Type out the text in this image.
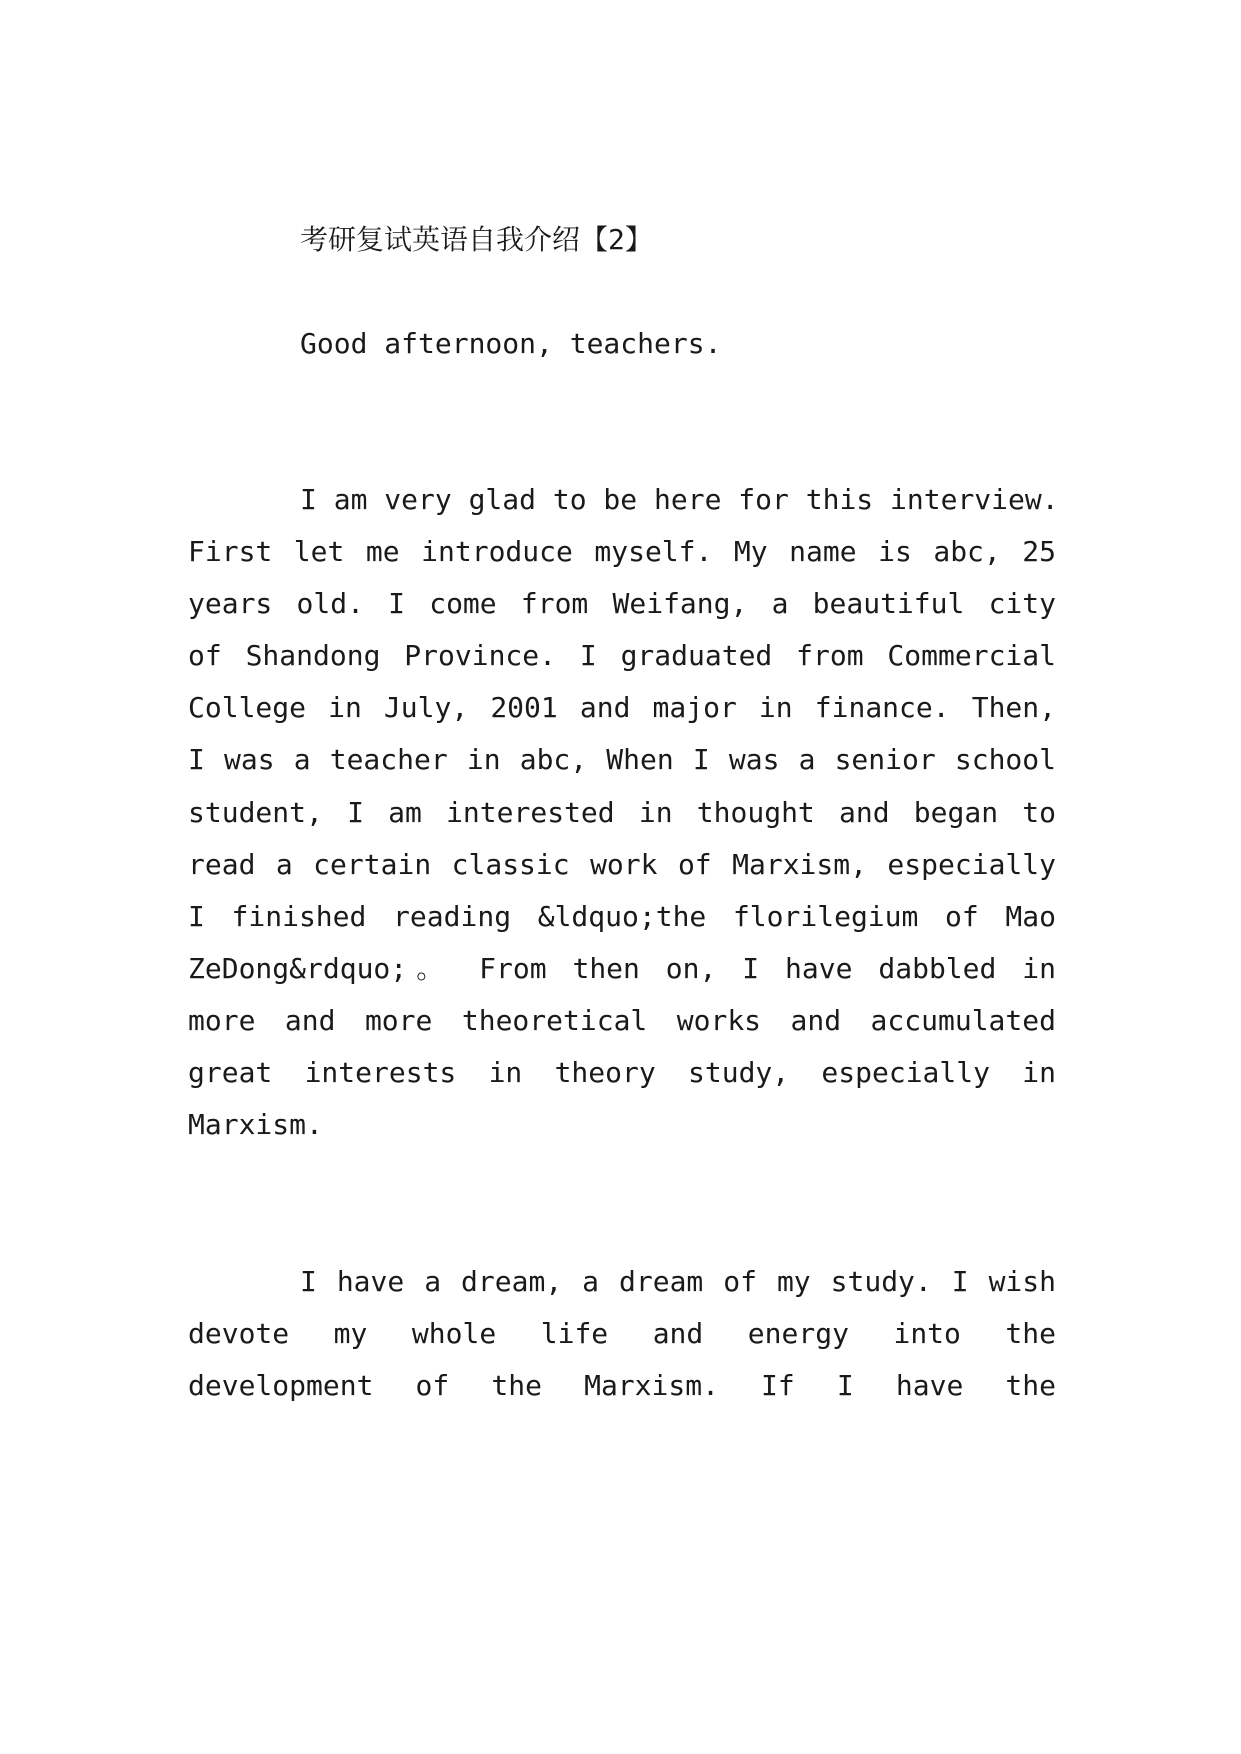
考研复试英语自我介绍【2】

Good afternoon, teachers.

I am very glad to be here for this interview.

First let me introduce myself. My name is abc, 25

years old. I come from Weifang, a beautiful city

of Shandong Province. I graduated from Commercial

College in July, 2001 and major in finance. Then,

I was a teacher in abc, When I was a senior school

student, I am interested in thought and began to

read a certain classic work of Marxism, especially

I finished reading &ldquo;the florilegium of Mao

ZeDong&rdquo;。 From then on, I have dabbled in

more and more theoretical works and accumulated

great interests in theory study, especially in

Marxism.

I have a dream, a dream of my study. I wish

devote my whole life and energy into the

development of the Marxism. If I have the
